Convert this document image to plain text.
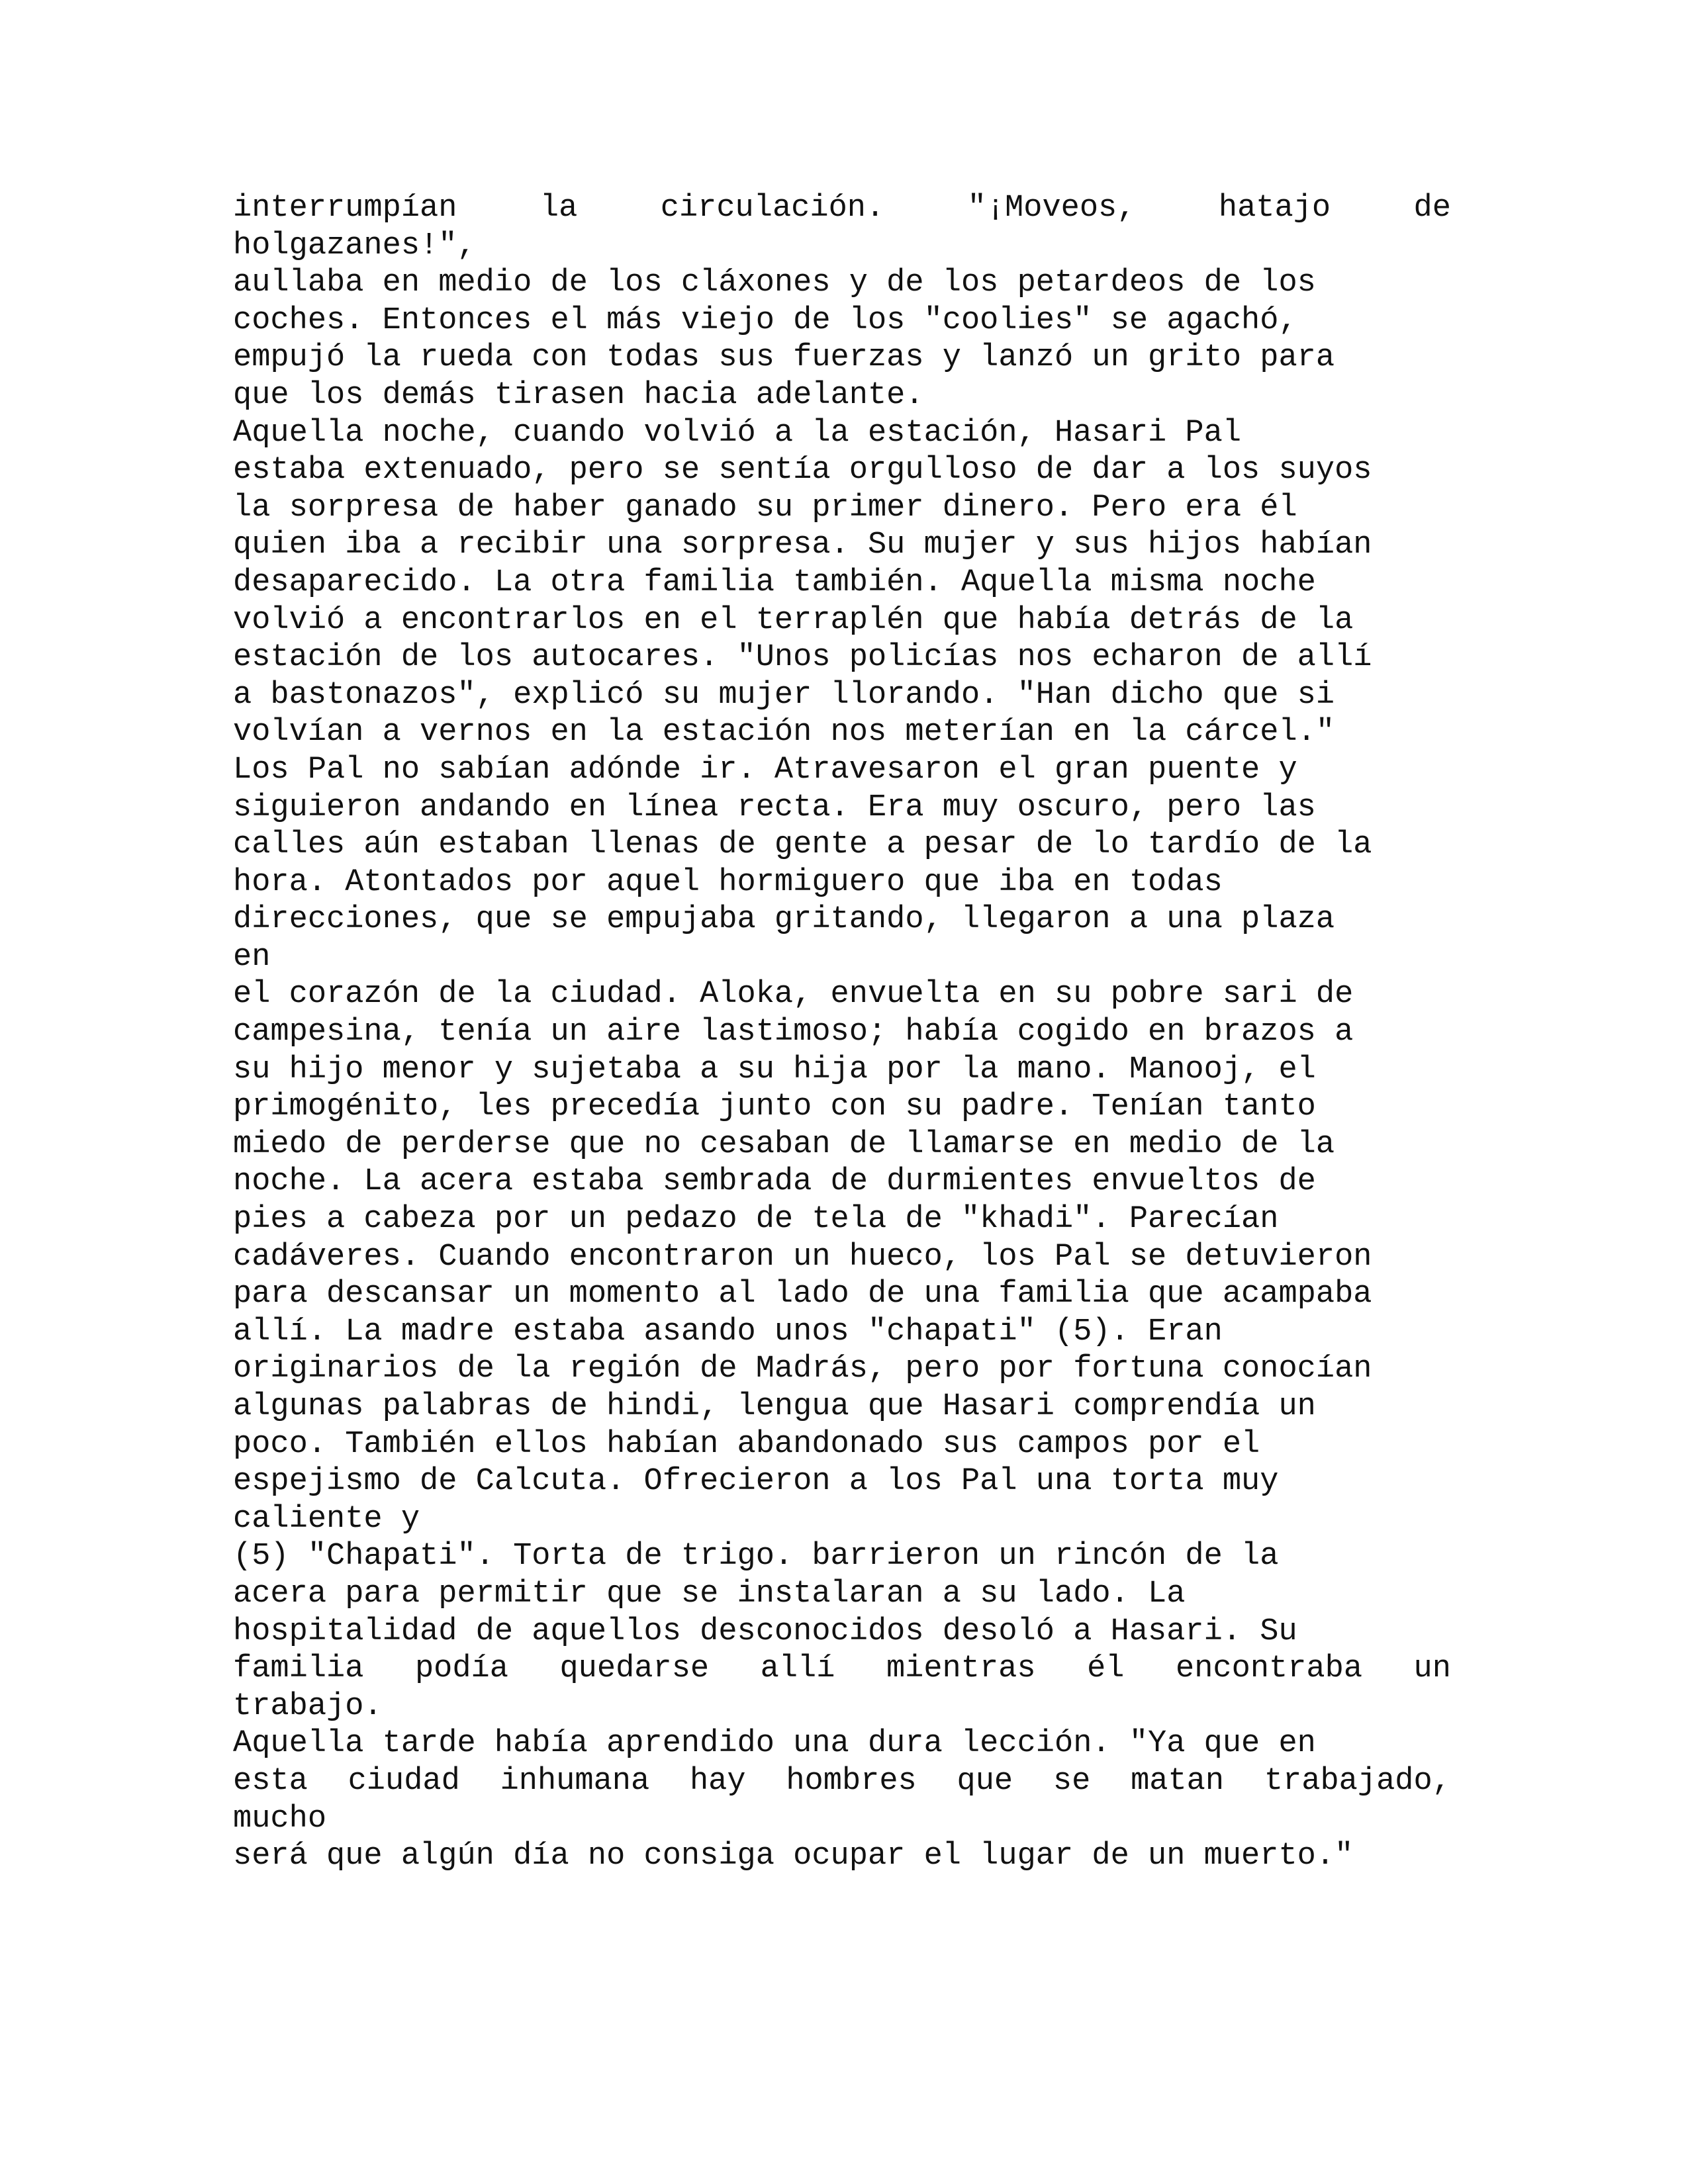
interrumpían	la	circulación.	"¡Moveos,	hatajo	de
holgazanes!",
aullaba en medio de los cláxones y de los petardeos de los
coches. Entonces el más viejo de los "coolies" se agachó,
empujó la rueda con todas sus fuerzas y lanzó un grito para
que los demás tirasen hacia adelante.
Aquella noche, cuando volvió a la estación, Hasari Pal
estaba extenuado, pero se sentía orgulloso de dar a los suyos
la sorpresa de haber ganado su primer dinero. Pero era él
quien iba a recibir una sorpresa. Su mujer y sus hijos habían
desaparecido. La otra familia también. Aquella misma noche
volvió a encontrarlos en el terraplén que había detrás de la
estación de los autocares. "Unos policías nos echaron de allí
a bastonazos", explicó su mujer llorando. "Han dicho que si
volvían a vernos en la estación nos meterían en la cárcel."
Los Pal no sabían adónde ir. Atravesaron el gran puente y
siguieron andando en línea recta. Era muy oscuro, pero las
calles aún estaban llenas de gente a pesar de lo tardío de la
hora. Atontados por aquel hormiguero que iba en todas
direcciones, que se empujaba gritando, llegaron a una plaza
en
el corazón de la ciudad. Aloka, envuelta en su pobre sari de
campesina, tenía un aire lastimoso; había cogido en brazos a
su hijo menor y sujetaba a su hija por la mano. Manooj, el
primogénito, les precedía junto con su padre. Tenían tanto
miedo de perderse que no cesaban de llamarse en medio de la
noche. La acera estaba sembrada de durmientes envueltos de
pies a cabeza por un pedazo de tela de "khadi". Parecían
cadáveres. Cuando encontraron un hueco, los Pal se detuvieron
para descansar un momento al lado de una familia que acampaba
allí. La madre estaba asando unos "chapati" (5). Eran
originarios de la región de Madrás, pero por fortuna conocían
algunas palabras de hindi, lengua que Hasari comprendía un
poco. También ellos habían abandonado sus campos por el
espejismo de Calcuta. Ofrecieron a los Pal una torta muy
caliente y
(5) "Chapati". Torta de trigo. barrieron un rincón de la
acera para permitir que se instalaran a su lado. La
hospitalidad de aquellos desconocidos desoló a Hasari. Su
familia podía quedarse allí mientras él encontraba un
trabajo.
Aquella tarde había aprendido una dura lección. "Ya que en
esta ciudad inhumana hay hombres que se matan trabajado,
mucho
será que algún día no consiga ocupar el lugar de un muerto."
